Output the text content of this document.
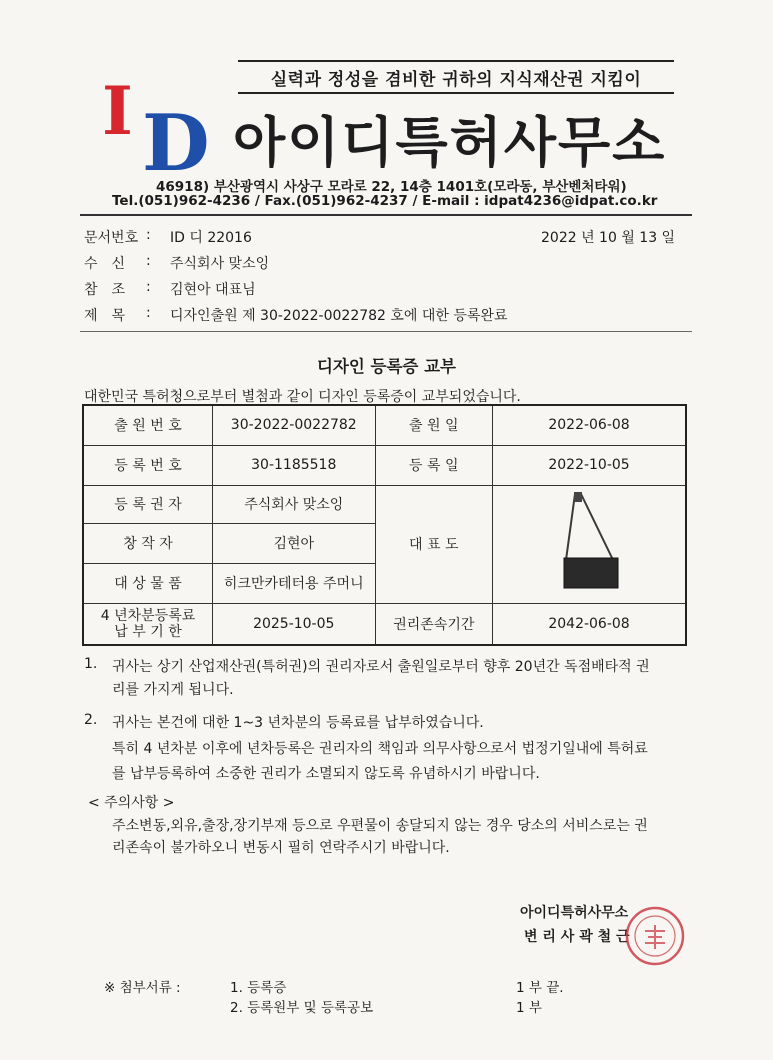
실력과 정성을 겸비한 귀하의 지식재산권 지킴이
I D 아이디특허사무소
46918) 부산광역시 사상구 모라로 22, 14층 1401호(모라동, 부산벤처타워)
Tel.(051)962-4236 / Fax.(051)962-4237 / E-mail : idpat4236@idpat.co.kr
문서번호 :	ID 디 22016	2022 년 10 월 13 일
수　신	:	주식회사 맞소잉
참　조	:	김현아 대표님
제　목	:	디자인출원 제 30-2022-0022782 호에 대한 등록완료
디자인 등록증 교부
대한민국 특허청으로부터 별첨과 같이 디자인 등록증이 교부되었습니다.
출 원 번 호	30-2022-0022782	출 원 일	2022-06-08
등 록 번 호	30-1185518	등 록 일	2022-10-05
등 록 권 자	주식회사 맞소잉	대 표 도	

창 작 자	김현아		
대 상 물 품	히크만카테터용 주머니		

4 년차분등록료
납 부 기 한	2025-10-05	권리존속기간	2042-06-08
1. 귀사는 상기 산업재산권(특허권)의 권리자로서 출원일로부터 향후 20년간 독점배타적 권
리를 가지게 됩니다.
2. 귀사는 본건에 대한 1~3 년차분의 등록료를 납부하였습니다.
특히 4 년차분 이후에 년차등록은 권리자의 책임과 의무사항으로서 법정기일내에 특허료
를 납부등록하여 소중한 권리가 소멸되지 않도록 유념하시기 바랍니다.
< 주의사항 >
주소변동,외유,출장,장기부재 등으로 우편물이 송달되지 않는 경우 당소의 서비스로는 권
리존속이 불가하오니 변동시 필히 연락주시기 바랍니다.
아이디특허사무소
변 리 사 곽 철 근
※ 첨부서류 :	1. 등록증	1 부 끝.
2. 등록원부 및 등록공보	1 부
